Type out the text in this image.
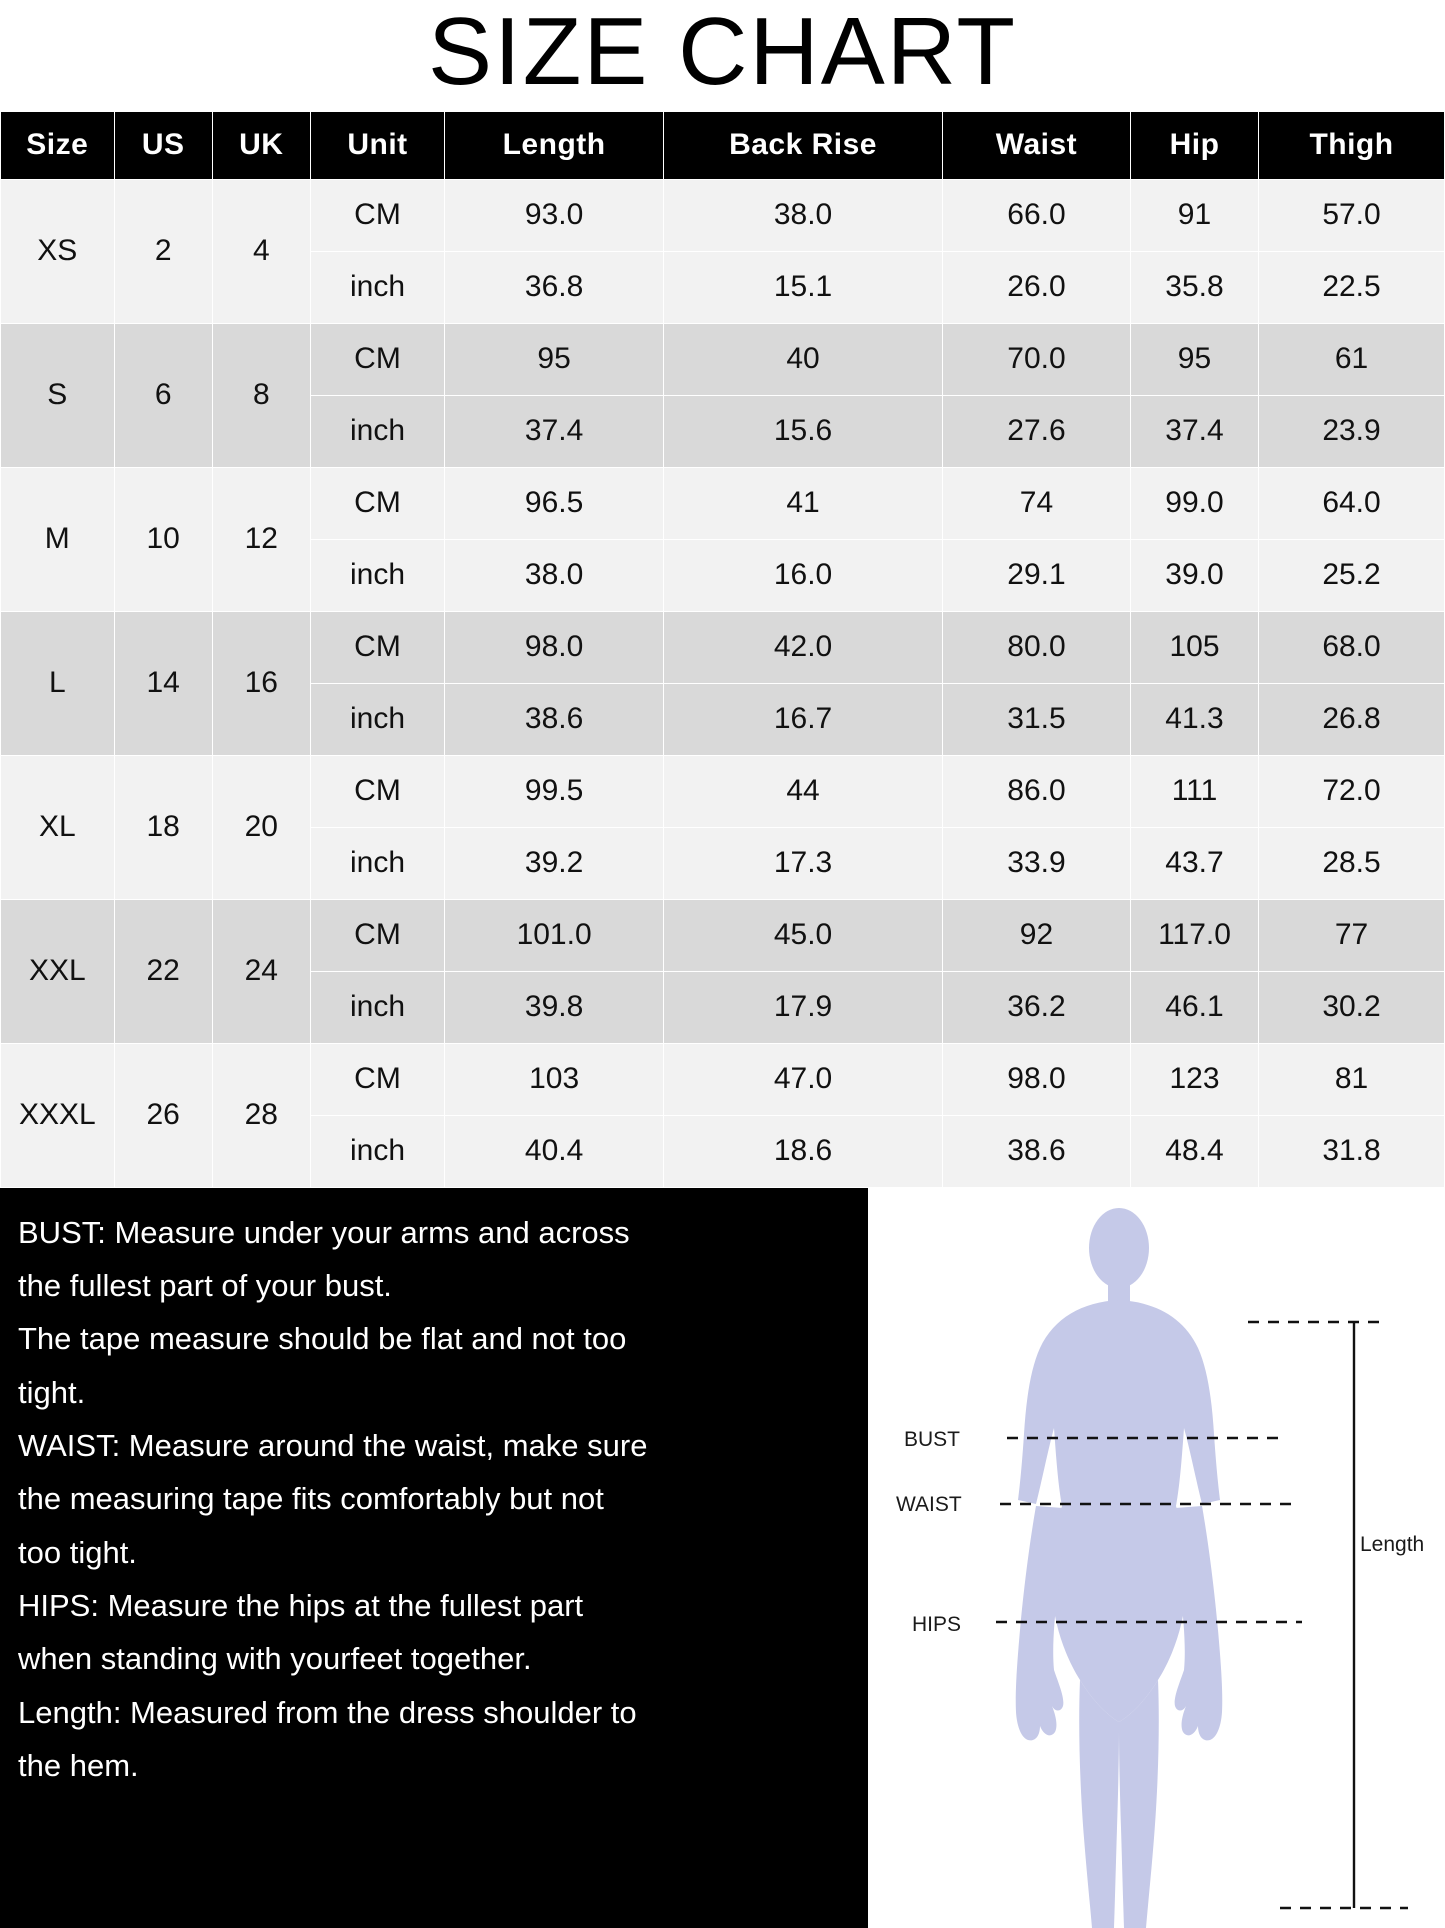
SIZE CHART
Size	US	UK	Unit	Length	Back Rise	Waist	Hip	Thigh
XS	2	4	CM	93.0	38.0	66.0	91	57.0
			inch	36.8	15.1	26.0	35.8	22.5
S	6	8	CM	95	40	70.0	95	61
			inch	37.4	15.6	27.6	37.4	23.9
M	10	12	CM	96.5	41	74	99.0	64.0
			inch	38.0	16.0	29.1	39.0	25.2
L	14	16	CM	98.0	42.0	80.0	105	68.0
			inch	38.6	16.7	31.5	41.3	26.8
XL	18	20	CM	99.5	44	86.0	111	72.0
			inch	39.2	17.3	33.9	43.7	28.5
XXL	22	24	CM	101.0	45.0	92	117.0	77
			inch	39.8	17.9	36.2	46.1	30.2
XXXL	26	28	CM	103	47.0	98.0	123	81
			inch	40.4	18.6	38.6	48.4	31.8

BUST: Measure under your arms and across

the fullest part of your bust.

The tape measure should be flat and not too

tight.

WAIST: Measure around the waist, make sure

the measuring tape fits comfortably but not

too tight.

HIPS: Measure the hips at the fullest part

when standing with yourfeet together.

Length: Measured from the dress shoulder to

the hem.

BUST
WAIST
HIPS
Length
